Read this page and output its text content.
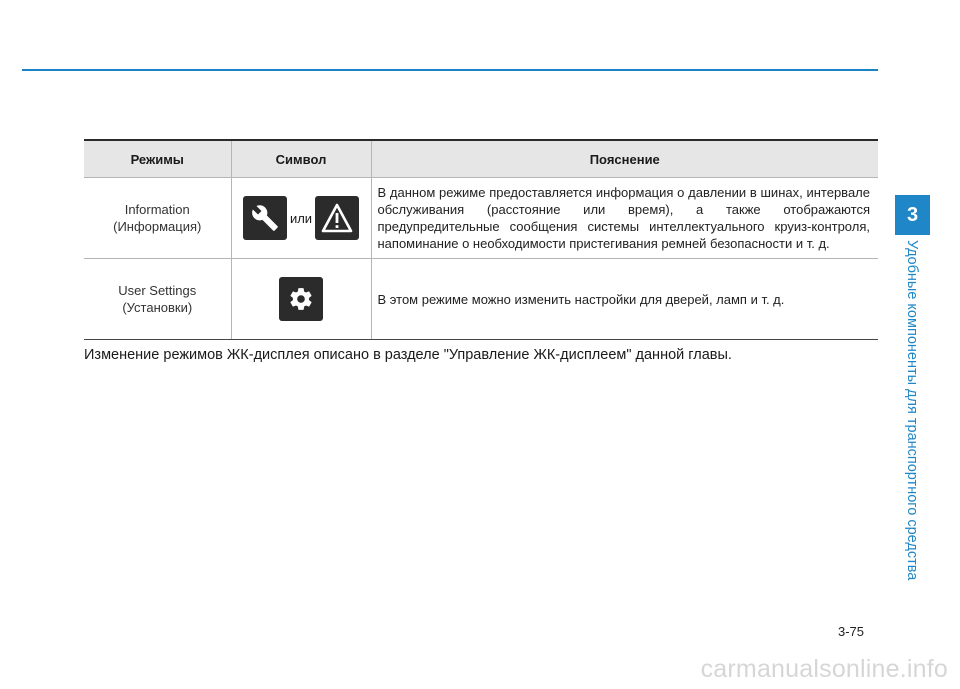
3
Удобные компоненты для транспортного средства
Режимы	Символ	Пояснение

Information
(Информация)	или	В данном режиме предоставляется информация о давлении в шинах, интервале обслуживания (расстояние или время), а также отображаются предупредительные сообщения системы интеллектуального круиз-контроля, напоминание о необходимости пристегивания ремней безопасности и т. д.

User Settings
(Установки)		В этом режиме можно изменить настройки для дверей, ламп и т. д.
Изменение режимов ЖК-дисплея описано в разделе "Управление ЖК-дисплеем" данной главы.
3-75
carmanualsonline.info
